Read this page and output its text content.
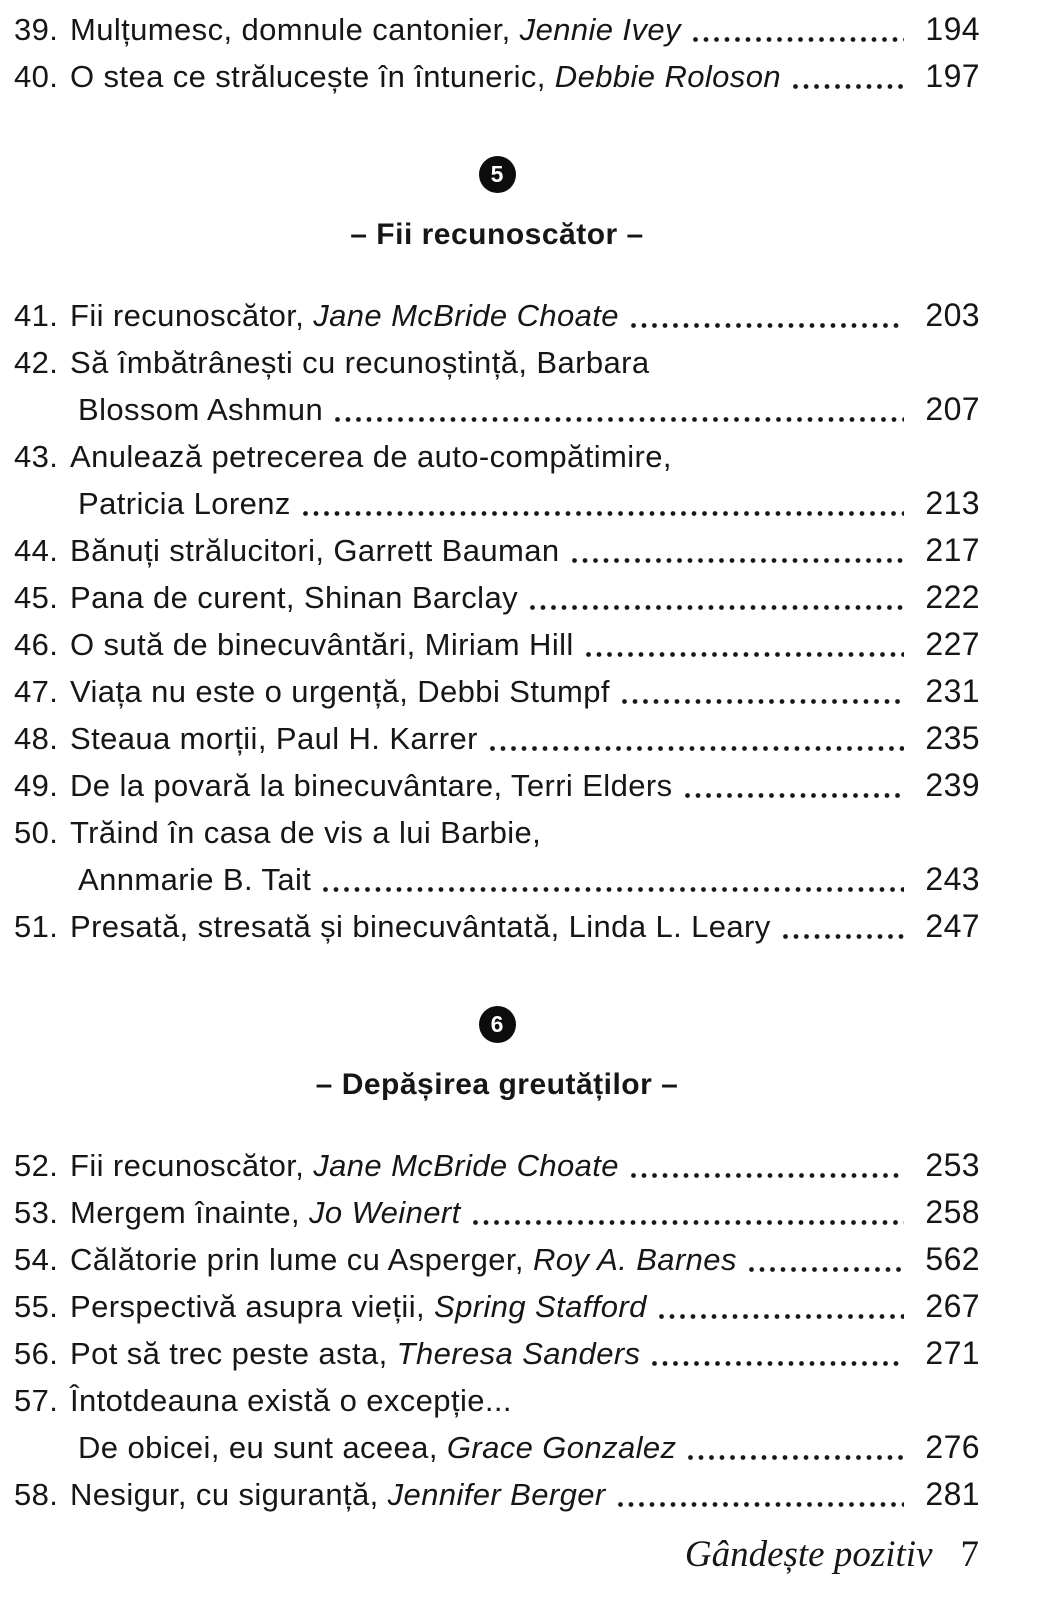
39. Mulțumesc, domnule cantonier, Jennie Ivey	194
40. O stea ce strălucește în întuneric, Debbie Roloson	197
5
– Fii recunoscător –
41. Fii recunoscător, Jane McBride Choate	203
42. Să îmbătrânești cu recunoștință, Barbara
Blossom Ashmun	207
43. Anulează petrecerea de auto-compătimire,
Patricia Lorenz	213
44. Bănuți strălucitori, Garrett Bauman	217
45. Pana de curent, Shinan Barclay	222
46. O sută de binecuvântări, Miriam Hill	227
47. Viața nu este o urgență, Debbi Stumpf	231
48. Steaua morții, Paul H. Karrer	235
49. De la povară la binecuvântare, Terri Elders	239
50. Trăind în casa de vis a lui Barbie,
Annmarie B. Tait	243
51. Presată, stresată și binecuvântată, Linda L. Leary	247
6
– Depășirea greutăților –
52. Fii recunoscător, Jane McBride Choate	253
53. Mergem înainte, Jo Weinert	258
54. Călătorie prin lume cu Asperger, Roy A. Barnes	562
55. Perspectivă asupra vieții, Spring Stafford	267
56. Pot să trec peste asta, Theresa Sanders	271
57. Întotdeauna există o excepție...
De obicei, eu sunt aceea, Grace Gonzalez	276
58. Nesigur, cu siguranță, Jennifer Berger	281
Gândește pozitiv 7
